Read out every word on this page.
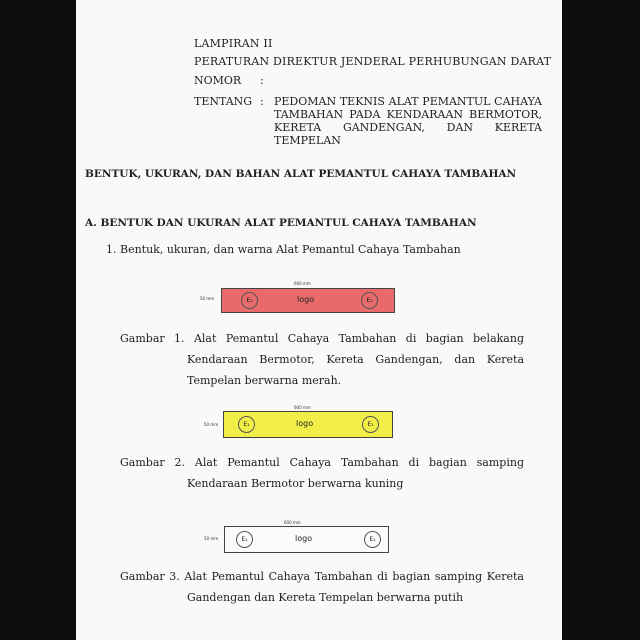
LAMPIRAN II
PERATURAN DIREKTUR JENDERAL PERHUBUNGAN DARAT
NOMOR :
TENTANG : PEDOMAN TEKNIS ALAT PEMANTUL CAHAYA
TAMBAHAN PADA KENDARAAN BERMOTOR,
KERETA GANDENGAN, DAN KERETA
TEMPELAN
BENTUK, UKURAN, DAN BAHAN ALAT PEMANTUL CAHAYA TAMBAHAN
A. BENTUK DAN UKURAN ALAT PEMANTUL CAHAYA TAMBAHAN
1. Bentuk, ukuran, dan warna Alat Pemantul Cahaya Tambahan
600 mm
50 mm	E₁	logo	E₁
Gambar 1. Alat Pemantul Cahaya Tambahan di bagian belakang
Kendaraan Bermotor, Kereta Gandengan, dan Kereta
Tempelan berwarna merah.
600 mm
50 mm	E₁	logo	E₁
Gambar 2. Alat Pemantul Cahaya Tambahan di bagian samping
Kendaraan Bermotor berwarna kuning
600 mm
50 mm	E₁	logo	E₁
Gambar 3. Alat Pemantul Cahaya Tambahan di bagian samping Kereta
Gandengan dan Kereta Tempelan berwarna putih
